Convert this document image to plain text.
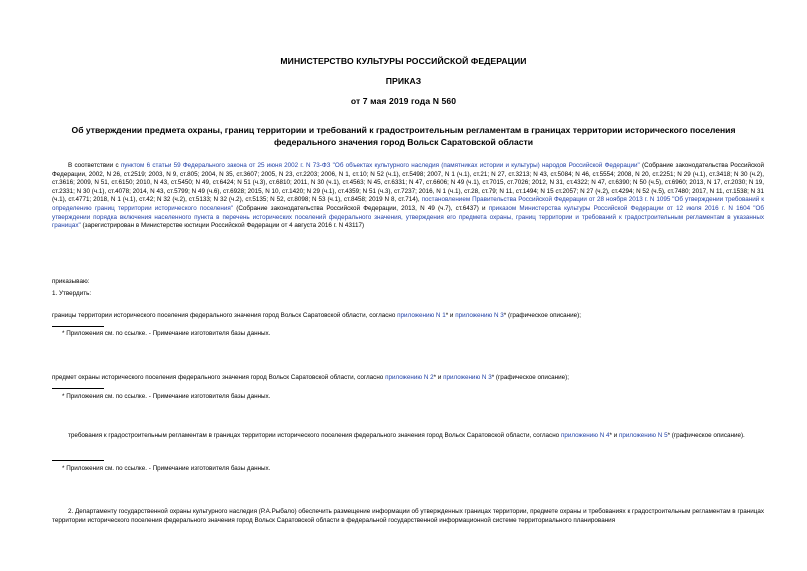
МИНИСТЕРСТВО КУЛЬТУРЫ РОССИЙСКОЙ ФЕДЕРАЦИИ
ПРИКАЗ
от 7 мая 2019 года N 560
Об утверждении предмета охраны, границ территории и требований к градостроительным регламентам в границах территории исторического поселения
федерального значения город Вольск Саратовской области
В соответствии с пунктом 6 статьи 59 Федерального закона от 25 июня 2002 г. N 73-ФЗ "Об объектах культурного наследия (памятниках истории и культуры) народов Российской Федерации" (Собрание законодательства Российской Федерации, 2002, N 26, ст.2519; 2003, N 9, ст.805; 2004, N 35, ст.3607; 2005, N 23, ст.2203; 2006, N 1, ст.10; N 52 (ч.1), ст.5498; 2007, N 1 (ч.1), ст.21; N 27, ст.3213; N 43, ст.5084; N 46, ст.5554; 2008, N 20, ст.2251; N 29 (ч.1), ст.3418; N 30 (ч.2), ст.3616; 2009, N 51, ст.6150; 2010, N 43, ст.5450; N 49, ст.6424; N 51 (ч.3), ст.6810; 2011, N 30 (ч.1), ст.4563; N 45, ст.6331; N 47, ст.6606; N 49 (ч.1), ст.7015, ст.7026; 2012, N 31, ст.4322; N 47, ст.6390; N 50 (ч.5), ст.6960; 2013, N 17, ст.2030; N 19, ст.2331; N 30 (ч.1), ст.4078; 2014, N 43, ст.5799; N 49 (ч.6), ст.6928; 2015, N 10, ст.1420; N 29 (ч.1), ст.4359; N 51 (ч.3), ст.7237; 2016, N 1 (ч.1), ст.28, ст.79; N 11, ст.1494; N 15 ст.2057; N 27 (ч.2), ст.4294; N 52 (ч.5), ст.7480; 2017, N 11, ст.1538; N 31 (ч.1), ст.4771; 2018, N 1 (ч.1), ст.42; N 32 (ч.2), ст.5133; N 32 (ч.2), ст.5135; N 52, ст.8098; N 53 (ч.1), ст.8458; 2019 N 8, ст.714), постановлением Правительства Российской Федерации от 28 ноября 2013 г. N 1095 "Об утверждении требований к определению границ территории исторического поселения" (Собрание законодательства Российской Федерации, 2013, N 49 (ч.7), ст.6437) и приказом Министерства культуры Российской Федерации от 12 июля 2016 г. N 1604 "Об утверждении порядка включения населенного пункта в перечень исторических поселений федерального значения, утверждения его предмета охраны, границ территории и требований к градостроительным регламентам в указанных границах" (зарегистрирован в Министерстве юстиции Российской Федерации от 4 августа 2016 г. N 43117)
приказываю:
1. Утвердить:
границы территории исторического поселения федерального значения город Вольск Саратовской области, согласно приложению N 1* и приложению N 3* (графическое описание);
* Приложения см. по ссылке. - Примечание изготовителя базы данных.
предмет охраны исторического поселения федерального значения город Вольск Саратовской области, согласно приложению N 2* и приложению N 3* (графическое описание);
* Приложения см. по ссылке. - Примечание изготовителя базы данных.
требования к градостроительным регламентам в границах территории исторического поселения федерального значения город Вольск Саратовской области, согласно приложению N 4* и приложению N 5* (графическое описание).
* Приложения см. по ссылке. - Примечание изготовителя базы данных.
2. Департаменту государственной охраны культурного наследия (Р.А.Рыбало) обеспечить размещение информации об утвержденных границах территории, предмете охраны и требованиях к градостроительным регламентам в границах территории исторического поселения федерального значения город Вольск Саратовской области в федеральной государственной информационной системе территориального планирования
